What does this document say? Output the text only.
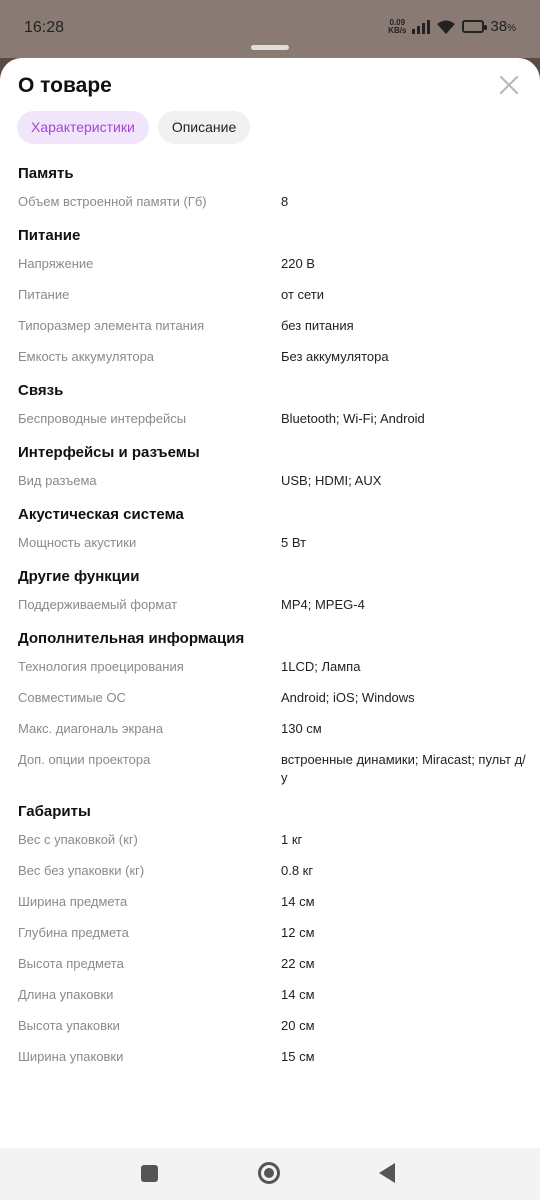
16:28	0.09
KB/s	38%
О товаре
Характеристики	Описание
Память
Объем встроенной памяти (Гб)	8
Питание
Напряжение	220 В
Питание	от сети
Типоразмер элемента питания	без питания
Емкость аккумулятора	Без аккумулятора
Связь
Беспроводные интерфейсы	Bluetooth; Wi-Fi; Android
Интерфейсы и разъемы
Вид разъема	USB; HDMI; AUX
Акустическая система
Мощность акустики	5 Вт
Другие функции
Поддерживаемый формат	MP4; MPEG-4
Дополнительная информация
Технология проецирования	1LCD; Лампа
Совместимые ОС	Android; iOS; Windows
Макс. диагональ экрана	130 см
Доп. опции проектора	встроенные динамики; Miracast; пульт д/у
Габариты
Вес с упаковкой (кг)	1 кг
Вес без упаковки (кг)	0.8 кг
Ширина предмета	14 см
Глубина предмета	12 см
Высота предмета	22 см
Длина упаковки	14 см
Высота упаковки	20 см
Ширина упаковки	15 см
